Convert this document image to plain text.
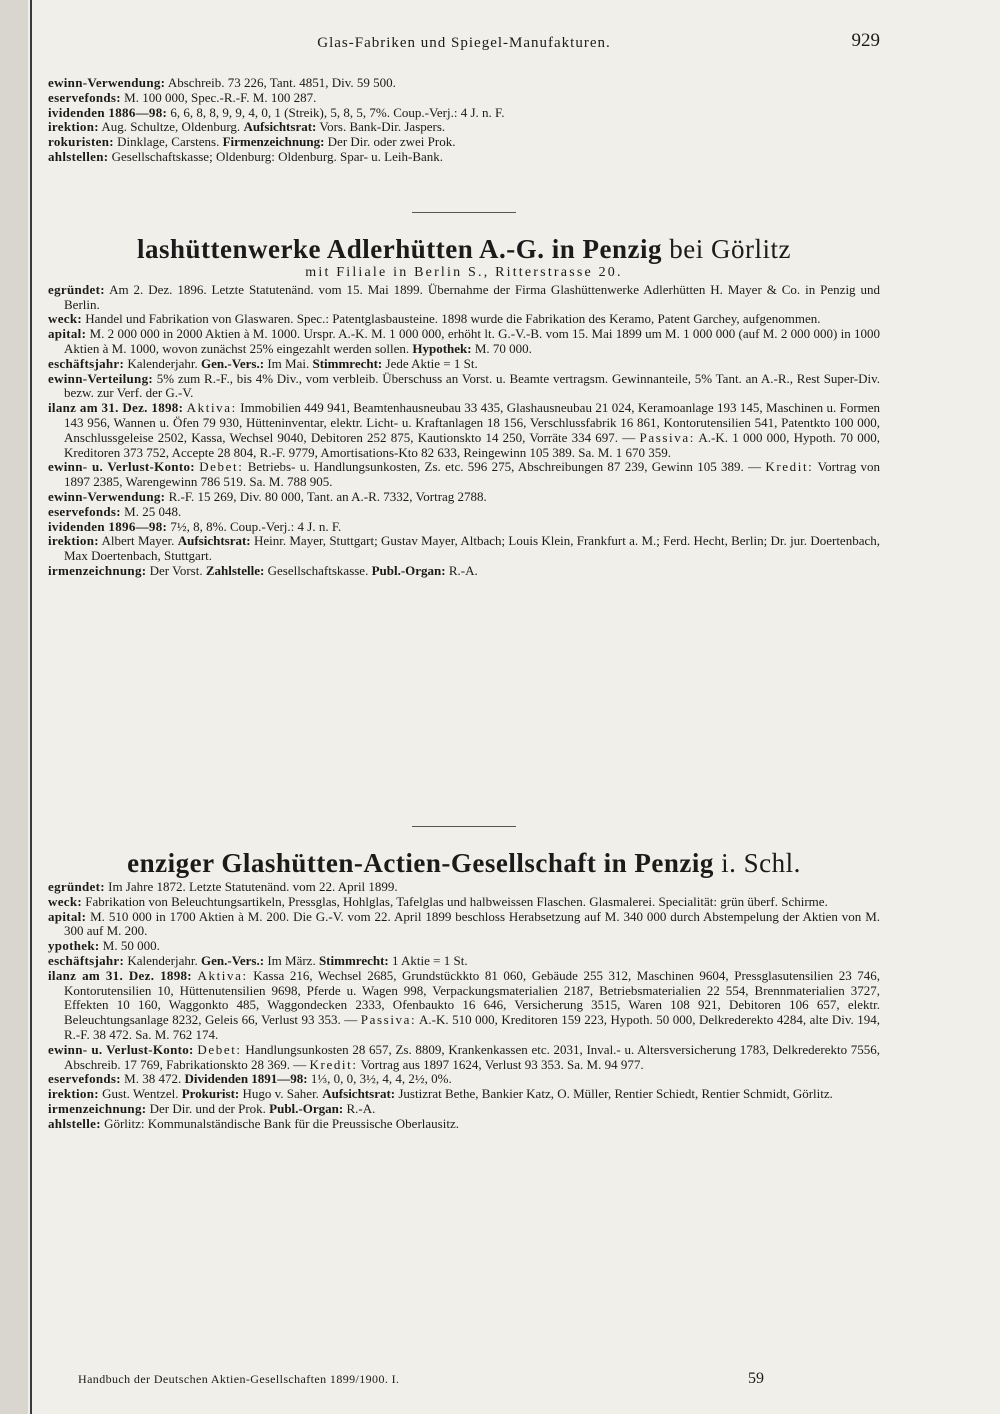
Glas-Fabriken und Spiegel-Manufakturen.	929

ewinn-Verwendung: Abschreib. 73 226, Tant. 4851, Div. 59 500.

eservefonds: M. 100 000, Spec.-R.-F. M. 100 287.

ividenden 1886—98: 6, 6, 8, 8, 9, 9, 4, 0, 1 (Streik), 5, 8, 5, 7%. Coup.-Verj.: 4 J. n. F.

irektion: Aug. Schultze, Oldenburg. Aufsichtsrat: Vors. Bank-Dir. Jaspers.

rokuristen: Dinklage, Carstens. Firmenzeichnung: Der Dir. oder zwei Prok.

ahlstellen: Gesellschaftskasse; Oldenburg: Oldenburg. Spar- u. Leih-Bank.

lashüttenwerke Adlerhütten A.-G. in Penzig bei Görlitz

mit Filiale in Berlin S., Ritterstrasse 20.

egründet: Am 2. Dez. 1896. Letzte Statutenänd. vom 15. Mai 1899. Übernahme der Firma Glashüttenwerke Adlerhütten H. Mayer & Co. in Penzig und Berlin.

weck: Handel und Fabrikation von Glaswaren. Spec.: Patentglasbausteine. 1898 wurde die Fabrikation des Keramo, Patent Garchey, aufgenommen.

apital: M. 2 000 000 in 2000 Aktien à M. 1000. Urspr. A.-K. M. 1 000 000, erhöht lt. G.-V.-B. vom 15. Mai 1899 um M. 1 000 000 (auf M. 2 000 000) in 1000 Aktien à M. 1000, wovon zunächst 25% eingezahlt werden sollen. Hypothek: M. 70 000.

eschäftsjahr: Kalenderjahr. Gen.-Vers.: Im Mai. Stimmrecht: Jede Aktie = 1 St.

ewinn-Verteilung: 5% zum R.-F., bis 4% Div., vom verbleib. Überschuss an Vorst. u. Beamte vertragsm. Gewinnanteile, 5% Tant. an A.-R., Rest Super-Div. bezw. zur Verf. der G.-V.

ilanz am 31. Dez. 1898: Aktiva: Immobilien 449 941, Beamtenhausneubau 33 435, Glashausneubau 21 024, Keramoanlage 193 145, Maschinen u. Formen 143 956, Wannen u. Öfen 79 930, Hütteninventar, elektr. Licht- u. Kraftanlagen 18 156, Verschlussfabrik 16 861, Kontorutensilien 541, Patentkto 100 000, Anschlussgeleise 2502, Kassa, Wechsel 9040, Debitoren 252 875, Kautionskto 14 250, Vorräte 334 697. — Passiva: A.-K. 1 000 000, Hypoth. 70 000, Kreditoren 373 752, Accepte 28 804, R.-F. 9779, Amortisations-Kto 82 633, Reingewinn 105 389. Sa. M. 1 670 359.

ewinn- u. Verlust-Konto: Debet: Betriebs- u. Handlungsunkosten, Zs. etc. 596 275, Abschreibungen 87 239, Gewinn 105 389. — Kredit: Vortrag von 1897 2385, Warengewinn 786 519. Sa. M. 788 905.

ewinn-Verwendung: R.-F. 15 269, Div. 80 000, Tant. an A.-R. 7332, Vortrag 2788.

eservefonds: M. 25 048.

ividenden 1896—98: 7½, 8, 8%. Coup.-Verj.: 4 J. n. F.

irektion: Albert Mayer. Aufsichtsrat: Heinr. Mayer, Stuttgart; Gustav Mayer, Altbach; Louis Klein, Frankfurt a. M.; Ferd. Hecht, Berlin; Dr. jur. Doertenbach, Max Doertenbach, Stuttgart.

irmenzeichnung: Der Vorst. Zahlstelle: Gesellschaftskasse. Publ.-Organ: R.-A.

enziger Glashütten-Actien-Gesellschaft in Penzig i. Schl.

egründet: Im Jahre 1872. Letzte Statutenänd. vom 22. April 1899.

weck: Fabrikation von Beleuchtungsartikeln, Pressglas, Hohlglas, Tafelglas und halbweissen Flaschen. Glasmalerei. Specialität: grün überf. Schirme.

apital: M. 510 000 in 1700 Aktien à M. 200. Die G.-V. vom 22. April 1899 beschloss Herabsetzung auf M. 340 000 durch Abstempelung der Aktien von M. 300 auf M. 200.

ypothek: M. 50 000.

eschäftsjahr: Kalenderjahr. Gen.-Vers.: Im März. Stimmrecht: 1 Aktie = 1 St.

ilanz am 31. Dez. 1898: Aktiva: Kassa 216, Wechsel 2685, Grundstückkto 81 060, Gebäude 255 312, Maschinen 9604, Pressglasutensilien 23 746, Kontorutensilien 10, Hüttenutensilien 9698, Pferde u. Wagen 998, Verpackungsmaterialien 2187, Betriebsmaterialien 22 554, Brennmaterialien 3727, Effekten 10 160, Waggonkto 485, Waggondecken 2333, Ofenbaukto 16 646, Versicherung 3515, Waren 108 921, Debitoren 106 657, elektr. Beleuchtungsanlage 8232, Geleis 66, Verlust 93 353. — Passiva: A.-K. 510 000, Kreditoren 159 223, Hypoth. 50 000, Delkrederekto 4284, alte Div. 194, R.-F. 38 472. Sa. M. 762 174.

ewinn- u. Verlust-Konto: Debet: Handlungsunkosten 28 657, Zs. 8809, Krankenkassen etc. 2031, Inval.- u. Altersversicherung 1783, Delkrederekto 7556, Abschreib. 17 769, Fabrikationskto 28 369. — Kredit: Vortrag aus 1897 1624, Verlust 93 353. Sa. M. 94 977.

eservefonds: M. 38 472. Dividenden 1891—98: 1⅓, 0, 0, 3½, 4, 4, 2½, 0%.

irektion: Gust. Wentzel. Prokurist: Hugo v. Saher. Aufsichtsrat: Justizrat Bethe, Bankier Katz, O. Müller, Rentier Schiedt, Rentier Schmidt, Görlitz.

irmenzeichnung: Der Dir. und der Prok. Publ.-Organ: R.-A.

ahlstelle: Görlitz: Kommunalständische Bank für die Preussische Oberlausitz.

Handbuch der Deutschen Aktien-Gesellschaften 1899/1900. I.	59
